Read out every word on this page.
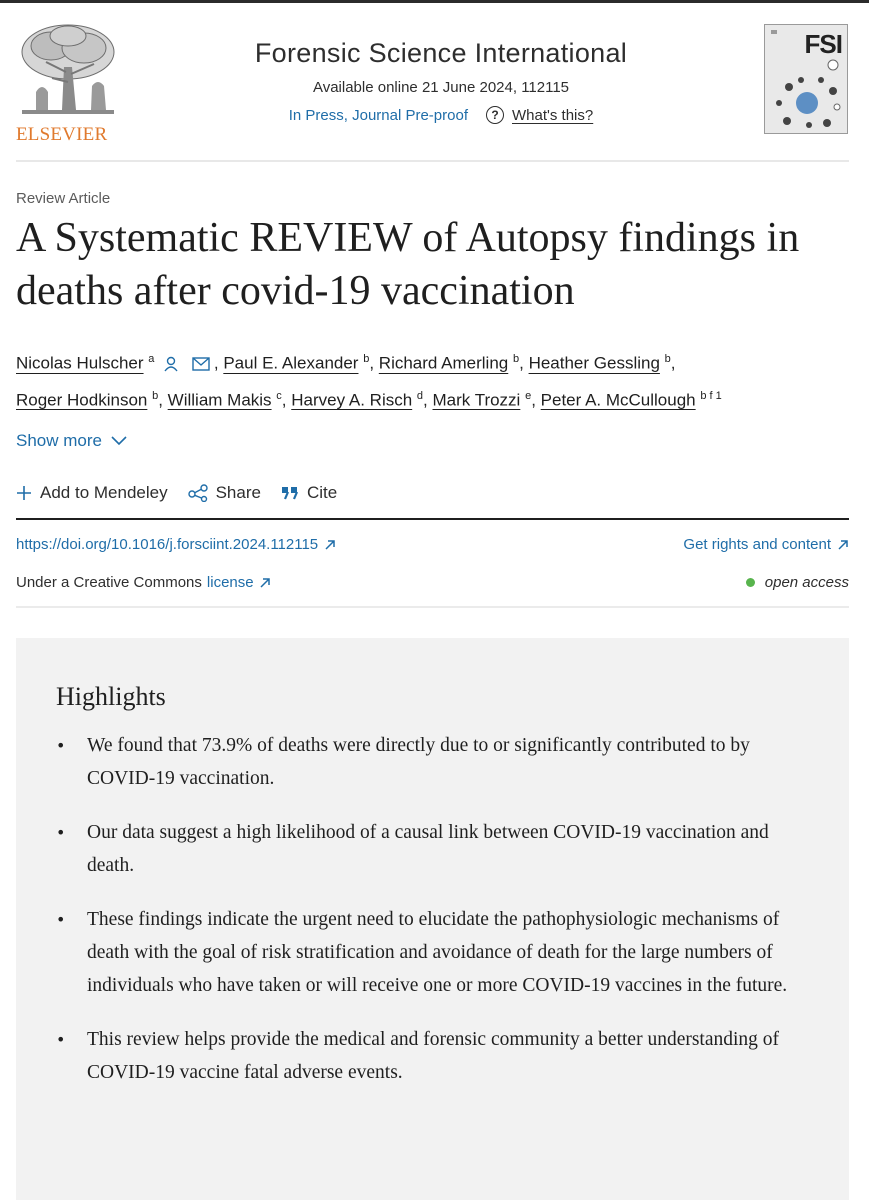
ELSEVIER
Forensic Science International
Available online 21 June 2024, 112115
In Press, Journal Pre-proof	? What's this?
FSI
Review Article
A Systematic REVIEW of Autopsy findings in deaths after covid-19 vaccination
Nicolas Hulscher $^a$	, Paul E. Alexander $^b$, Richard Amerling $^b$, Heather Gessling $^b$,
Roger Hodkinson $^b$, William Makis $^c$, Harvey A. Risch $^d$, Mark Trozzi $^e$, Peter A. McCullough $^{b f 1}$
Show more
Add to Mendeley	Share	Cite
https://doi.org/10.1016/j.forsciint.2024.112115	Get rights and content
Under a Creative Commons license	open access
Highlights
• We found that 73.9% of deaths were directly due to or significantly contributed to by COVID-19 vaccination.
• Our data suggest a high likelihood of a causal link between COVID-19 vaccination and death.
• These findings indicate the urgent need to elucidate the pathophysiologic mechanisms of death with the goal of risk stratification and avoidance of death for the large numbers of individuals who have taken or will receive one or more COVID-19 vaccines in the future.
• This review helps provide the medical and forensic community a better understanding of COVID-19 vaccine fatal adverse events.
